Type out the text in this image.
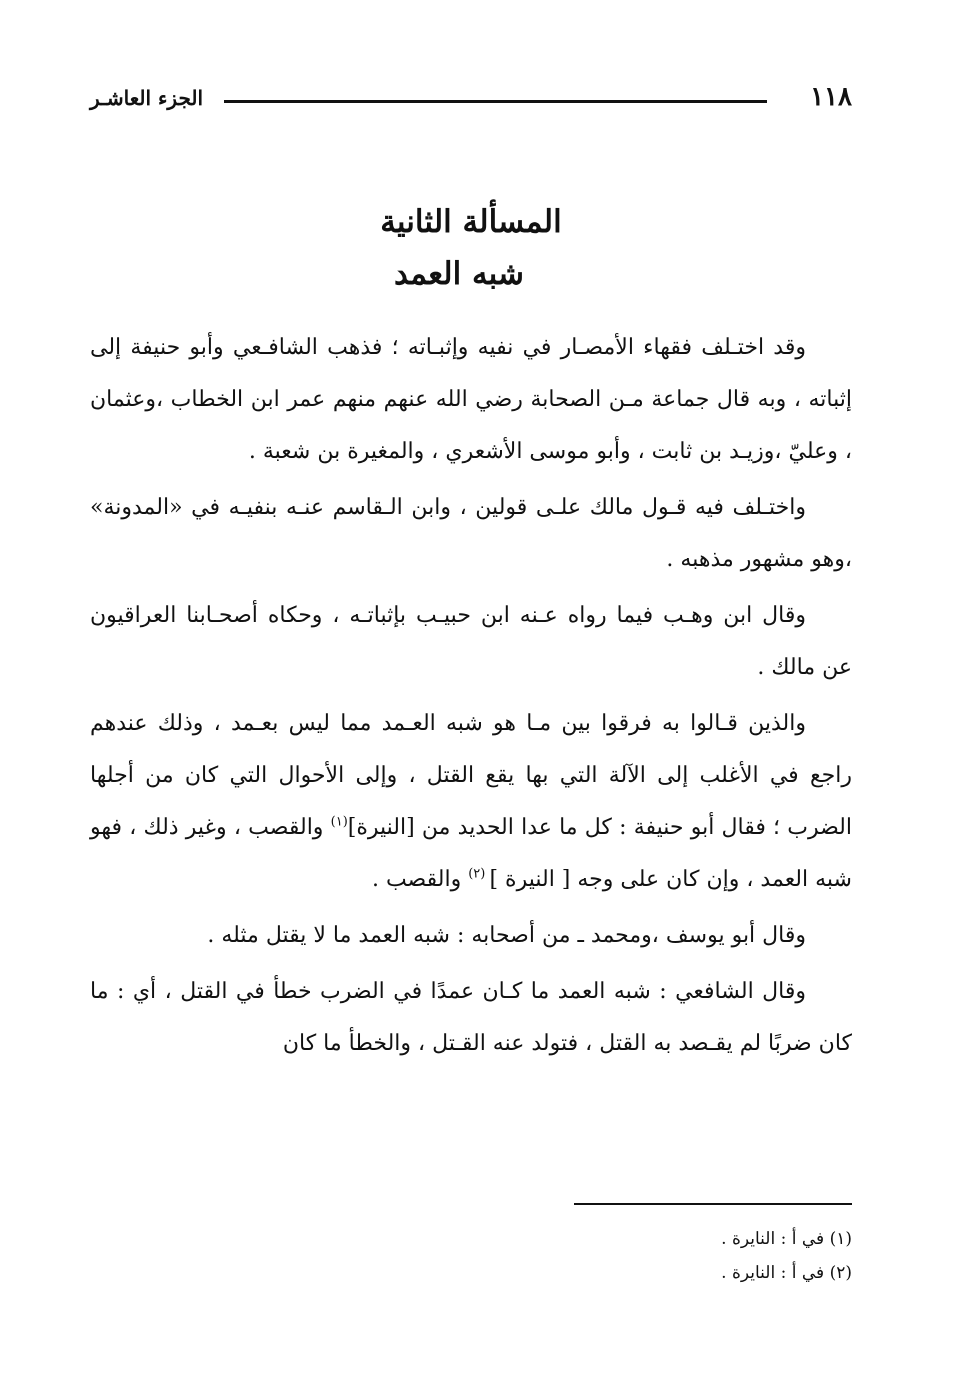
١١٨
الجزء العاشـر
المسألة الثانية
شبه العمد

وقد اختـلف فقهاء الأمصـار في نفيه وإثبـاته ؛ فذهب الشافـعي وأبو حنيفة إلى إثباته ، وبه قال جماعة مـن الصحابة رضي الله عنهم منهم عمر ابن الخطاب ،وعثمان ، وعليّ ،وزيـد بن ثابت ، وأبو موسى الأشعري ، والمغيرة بن شعبة .

واختـلف فيه قـول مالك علـى قولين ، وابن الـقاسم عنـه بنفيـه في «المدونة» ،وهو مشهور مذهبه .

وقال ابن وهـب فيما رواه عـنه ابن حبيـب بإثباتـه ، وحكاه أصحـابنا العراقيون عن مالك .

والذين قـالوا به فرقوا بين مـا هو شبه العـمد مما ليس بعـمد ، وذلك عندهم راجع في الأغلب إلى الآلة التي بها يقع القتل ، وإلى الأحوال التي كان من أجلها الضرب ؛ فقال أبو حنيفة : كل ما عدا الحديد من [النيرة]$^{(١)}$ والقصب ، وغير ذلك ، فهو شبه العمد ، وإن كان على وجه [ النيرة ] $^{(٢)}$ والقصب .

وقال أبو يوسف ،ومحمد ـ من أصحابه : شبه العمد ما لا يقتل مثله .

وقال الشافعي : شبه العمد ما كـان عمدًا في الضرب خطأ في القتل ، أي : ما كان ضربًا لم يقـصد به القتل ، فتولد عنه القـتل ، والخطأ ما كان

(١) في أ : النايرة .

(٢) في أ : النايرة .
